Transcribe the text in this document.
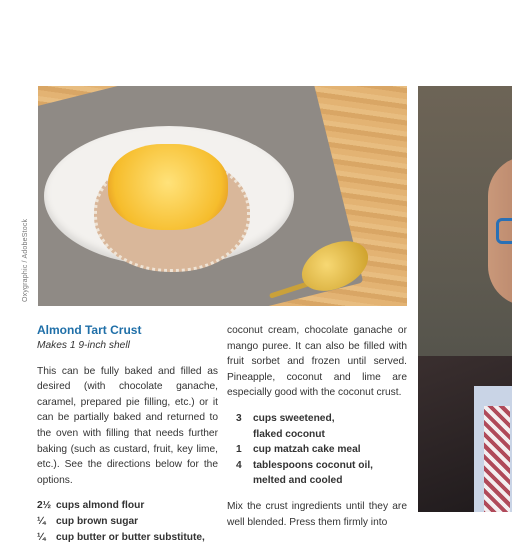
Oxygraphic / AdobeStock
Almond Tart Crust
Makes 1 9-inch shell

This can be fully baked and filled as desired (with chocolate ganache, caramel, prepared pie filling, etc.) or it can be partially baked and returned to the oven with filling that needs further baking (such as custard, fruit, key lime, etc.). See the directions below for the options.

2½ cups almond flour
¼	cup brown sugar
¼	cup butter or butter substitute,

coconut cream, chocolate ganache or mango puree. It can also be filled with fruit sorbet and frozen until served. Pineapple, coconut and lime are especially good with the coconut crust.

3	cups sweetened,
flaked coconut
1	cup matzah cake meal
4	tablespoons coconut oil,
melted and cooled

Mix the crust ingredients until they are well blended. Press them firmly into
